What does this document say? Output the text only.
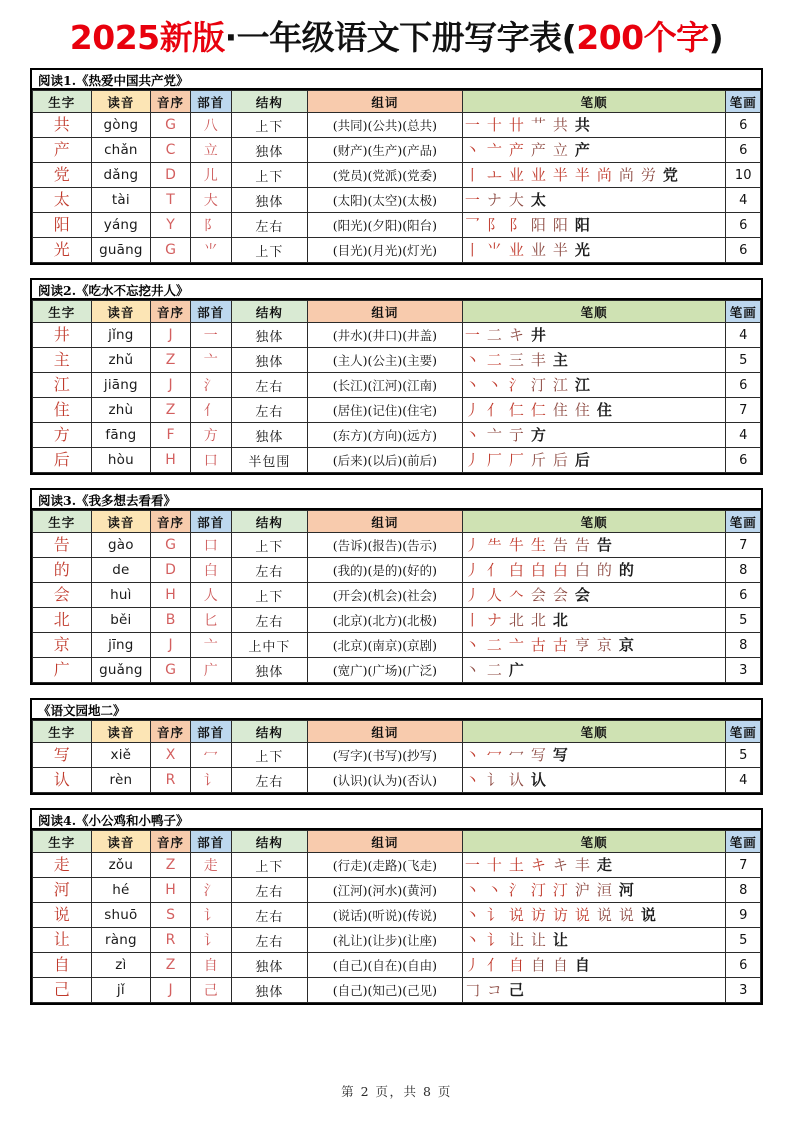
2025新版·一年级语文下册写字表(200个字)
阅读1.《热爱中国共产党》
生字	读音	音序	部首	结构	组词	笔顺	笔画
共	gòng	G	八	上下	(共同)(公共)(总共)	一 十 卄 艹 共 共	6
产	chǎn	C	立	独体	(财产)(生产)(产品)	丶 亠 产 产 立 产	6
党	dǎng	D	儿	上下	(党员)(党派)(党委)	丨 ㅗ 业 业 半 半 尚 尚 労 党	10
太	tài	T	大	独体	(太阳)(太空)(太极)	一 ナ 大 太	4
阳	yáng	Y	阝	左右	(阳光)(夕阳)(阳台)	乛 阝 阝 阳 阳 阳	6
光	guāng	G	⺌	上下	(目光)(月光)(灯光)	丨 ⺌ 业 业 半 光	6
阅读2.《吃水不忘挖井人》
生字	读音	音序	部首	结构	组词	笔顺	笔画
井	jǐng	J	一	独体	(井水)(井口)(井盖)	一 二 キ 井	4
主	zhǔ	Z	亠	独体	(主人)(公主)(主要)	丶 二 三 丰 主	5
江	jiāng	J	氵	左右	(长江)(江河)(江南)	丶 丶 氵 汀 江 江	6
住	zhù	Z	亻	左右	(居住)(记住)(住宅)	丿 亻 仁 仁 住 住 住	7
方	fāng	F	方	独体	(东方)(方向)(远方)	丶 亠 亍 方	4
后	hòu	H	口	半包围	(后来)(以后)(前后)	丿 厂 厂 斤 后 后	6
阅读3.《我多想去看看》
生字	读音	音序	部首	结构	组词	笔顺	笔画
告	gào	G	口	上下	(告诉)(报告)(告示)	丿 ⺧ 牛 生 告 告 告	7
的	de	D	白	左右	(我的)(是的)(好的)	丿 亻 白 白 白 白 的 的	8
会	huì	H	人	上下	(开会)(机会)(社会)	丿 人 𠆢 会 会 会	6
北	běi	B	匕	左右	(北京)(北方)(北极)	丨 ナ 北 北 北	5
京	jīng	J	亠	上中下	(北京)(南京)(京剧)	丶 二 亠 古 古 亨 京 京	8
广	guǎng	G	广	独体	(宽广)(广场)(广泛)	丶 二 广	3
《语文园地二》
生字	读音	音序	部首	结构	组词	笔顺	笔画
写	xiě	X	冖	上下	(写字)(书写)(抄写)	丶 冖 冖 写 写	5
认	rèn	R	讠	左右	(认识)(认为)(否认)	丶 讠 认 认	4
阅读4.《小公鸡和小鸭子》
生字	读音	音序	部首	结构	组词	笔顺	笔画
走	zǒu	Z	走	上下	(行走)(走路)(飞走)	一 十 土 キ キ 丰 走	7
河	hé	H	氵	左右	(江河)(河水)(黄河)	丶 丶 氵 汀 汀 沪 洹 河	8
说	shuō	S	讠	左右	(说话)(听说)(传说)	丶 讠 说 访 访 说 说 说 说	9
让	ràng	R	讠	左右	(礼让)(让步)(让座)	丶 讠 让 让 让	5
自	zì	Z	自	独体	(自己)(自在)(自由)	丿 亻 自 自 自 自	6
己	jǐ	J	己	独体	(自己)(知己)(己见)	𠃌 コ 己	3
第 2 页，共 8 页
